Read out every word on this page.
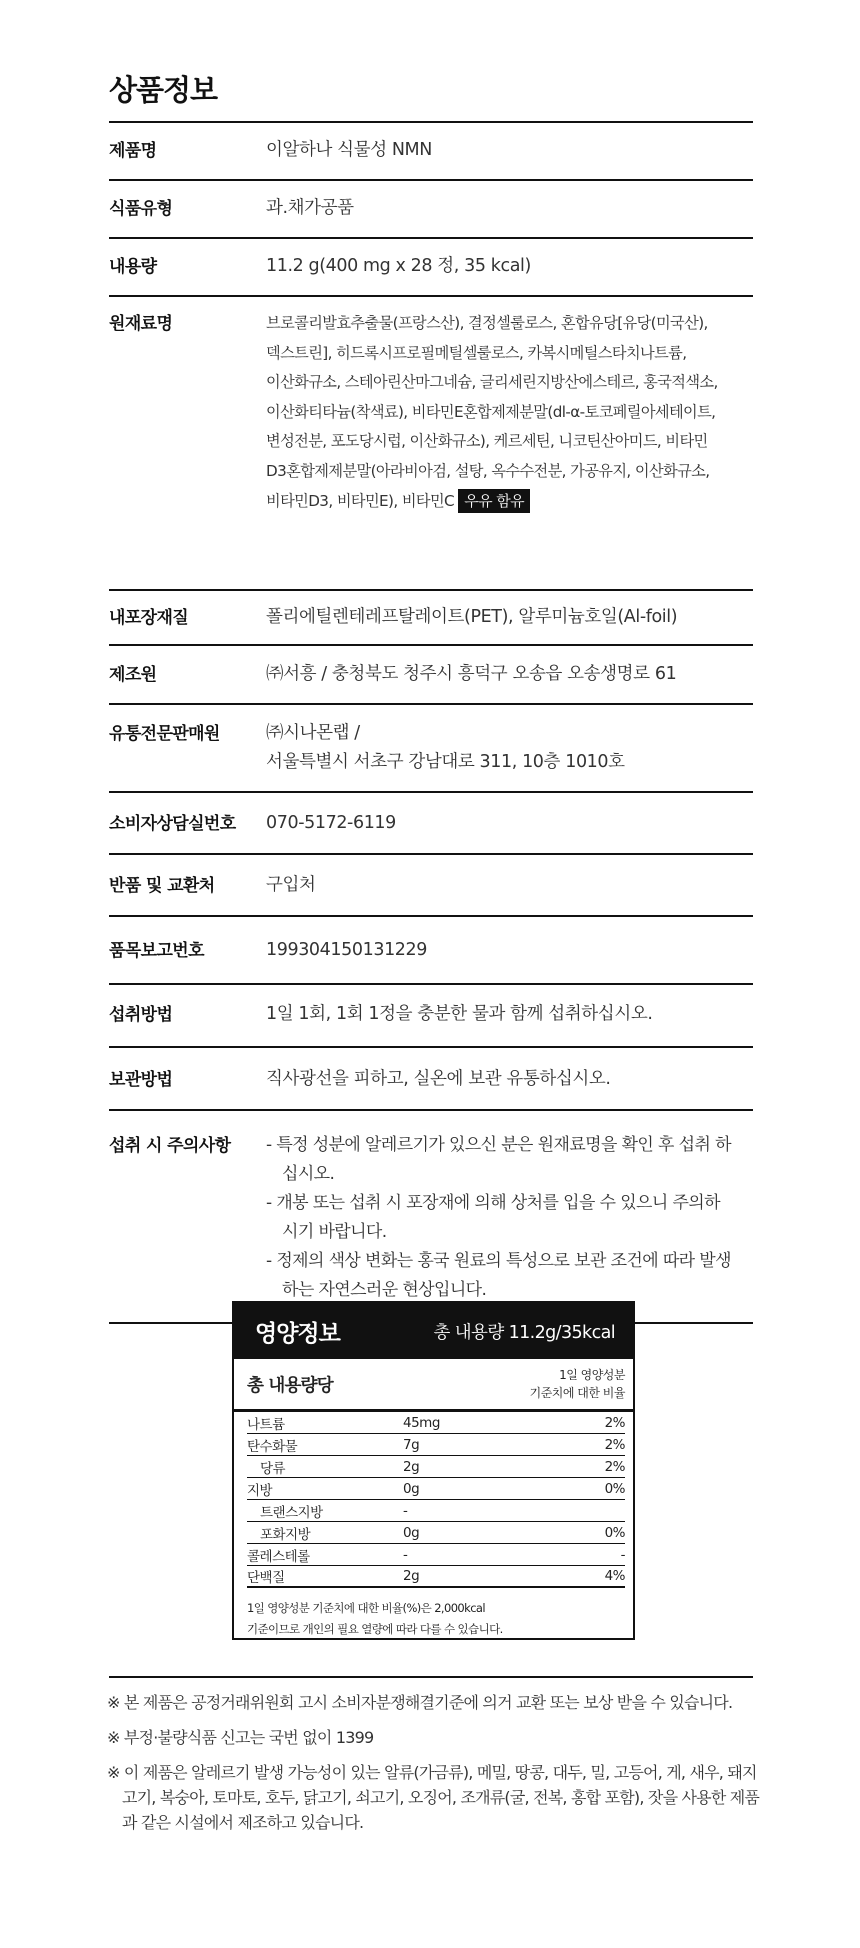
상품정보
제품명	이알하나 식물성 NMN
식품유형	과.채가공품
내용량	11.2 g(400 mg x 28 정, 35 kcal)
원재료명	브로콜리발효추출물(프랑스산), 결정셀룰로스, 혼합유당[유당(미국산),
덱스트린], 히드록시프로필메틸셀룰로스, 카복시메틸스타치나트륨,
이산화규소, 스테아린산마그네슘, 글리세린지방산에스테르, 홍국적색소,
이산화티타늄(착색료), 비타민E혼합제제분말(dl-α-토코페릴아세테이트,
변성전분, 포도당시럽, 이산화규소), 케르세틴, 니코틴산아미드, 비타민
D3혼합제제분말(아라비아검, 설탕, 옥수수전분, 가공유지, 이산화규소,
비타민D3, 비타민E), 비타민C 우유 함유
내포장재질	폴리에틸렌테레프탈레이트(PET), 알루미늄호일(Al-foil)
제조원	㈜서흥 / 충청북도 청주시 흥덕구 오송읍 오송생명로 61
유통전문판매원	㈜시나몬랩 /
서울특별시 서초구 강남대로 311, 10층 1010호
소비자상담실번호	070-5172-6119
반품 및 교환처	구입처
품목보고번호	199304150131229
섭취방법	1일 1회, 1회 1정을 충분한 물과 함께 섭취하십시오.
보관방법	직사광선을 피하고, 실온에 보관 유통하십시오.
섭취 시 주의사항	- 특정 성분에 알레르기가 있으신 분은 원재료명을 확인 후 섭취 하십시오.
- 개봉 또는 섭취 시 포장재에 의해 상처를 입을 수 있으니 주의하시기 바랍니다.
- 정제의 색상 변화는 홍국 원료의 특성으로 보관 조건에 따라 발생하는 자연스러운 현상입니다.
영양정보	총 내용량 11.2g/35kcal
총 내용량당
1일 영양성분
기준치에 대한 비율
나트륨	45mg	2%
탄수화물	7g	2%
당류	2g	2%
지방	0g	0%
트랜스지방	-
포화지방	0g	0%
콜레스테롤	-	-
단백질	2g	4%
1일 영양성분 기준치에 대한 비율(%)은 2,000kcal
기준이므로 개인의 필요 열량에 따라 다를 수 있습니다.
※ 본 제품은 공정거래위원회 고시 소비자분쟁해결기준에 의거 교환 또는 보상 받을 수 있습니다.
※ 부정·불량식품 신고는 국번 없이 1399
※ 이 제품은 알레르기 발생 가능성이 있는 알류(가금류), 메밀, 땅콩, 대두, 밀, 고등어, 게, 새우, 돼지고기, 복숭아, 토마토, 호두, 닭고기, 쇠고기, 오징어, 조개류(굴, 전복, 홍합 포함), 잣을 사용한 제품과 같은 시설에서 제조하고 있습니다.
